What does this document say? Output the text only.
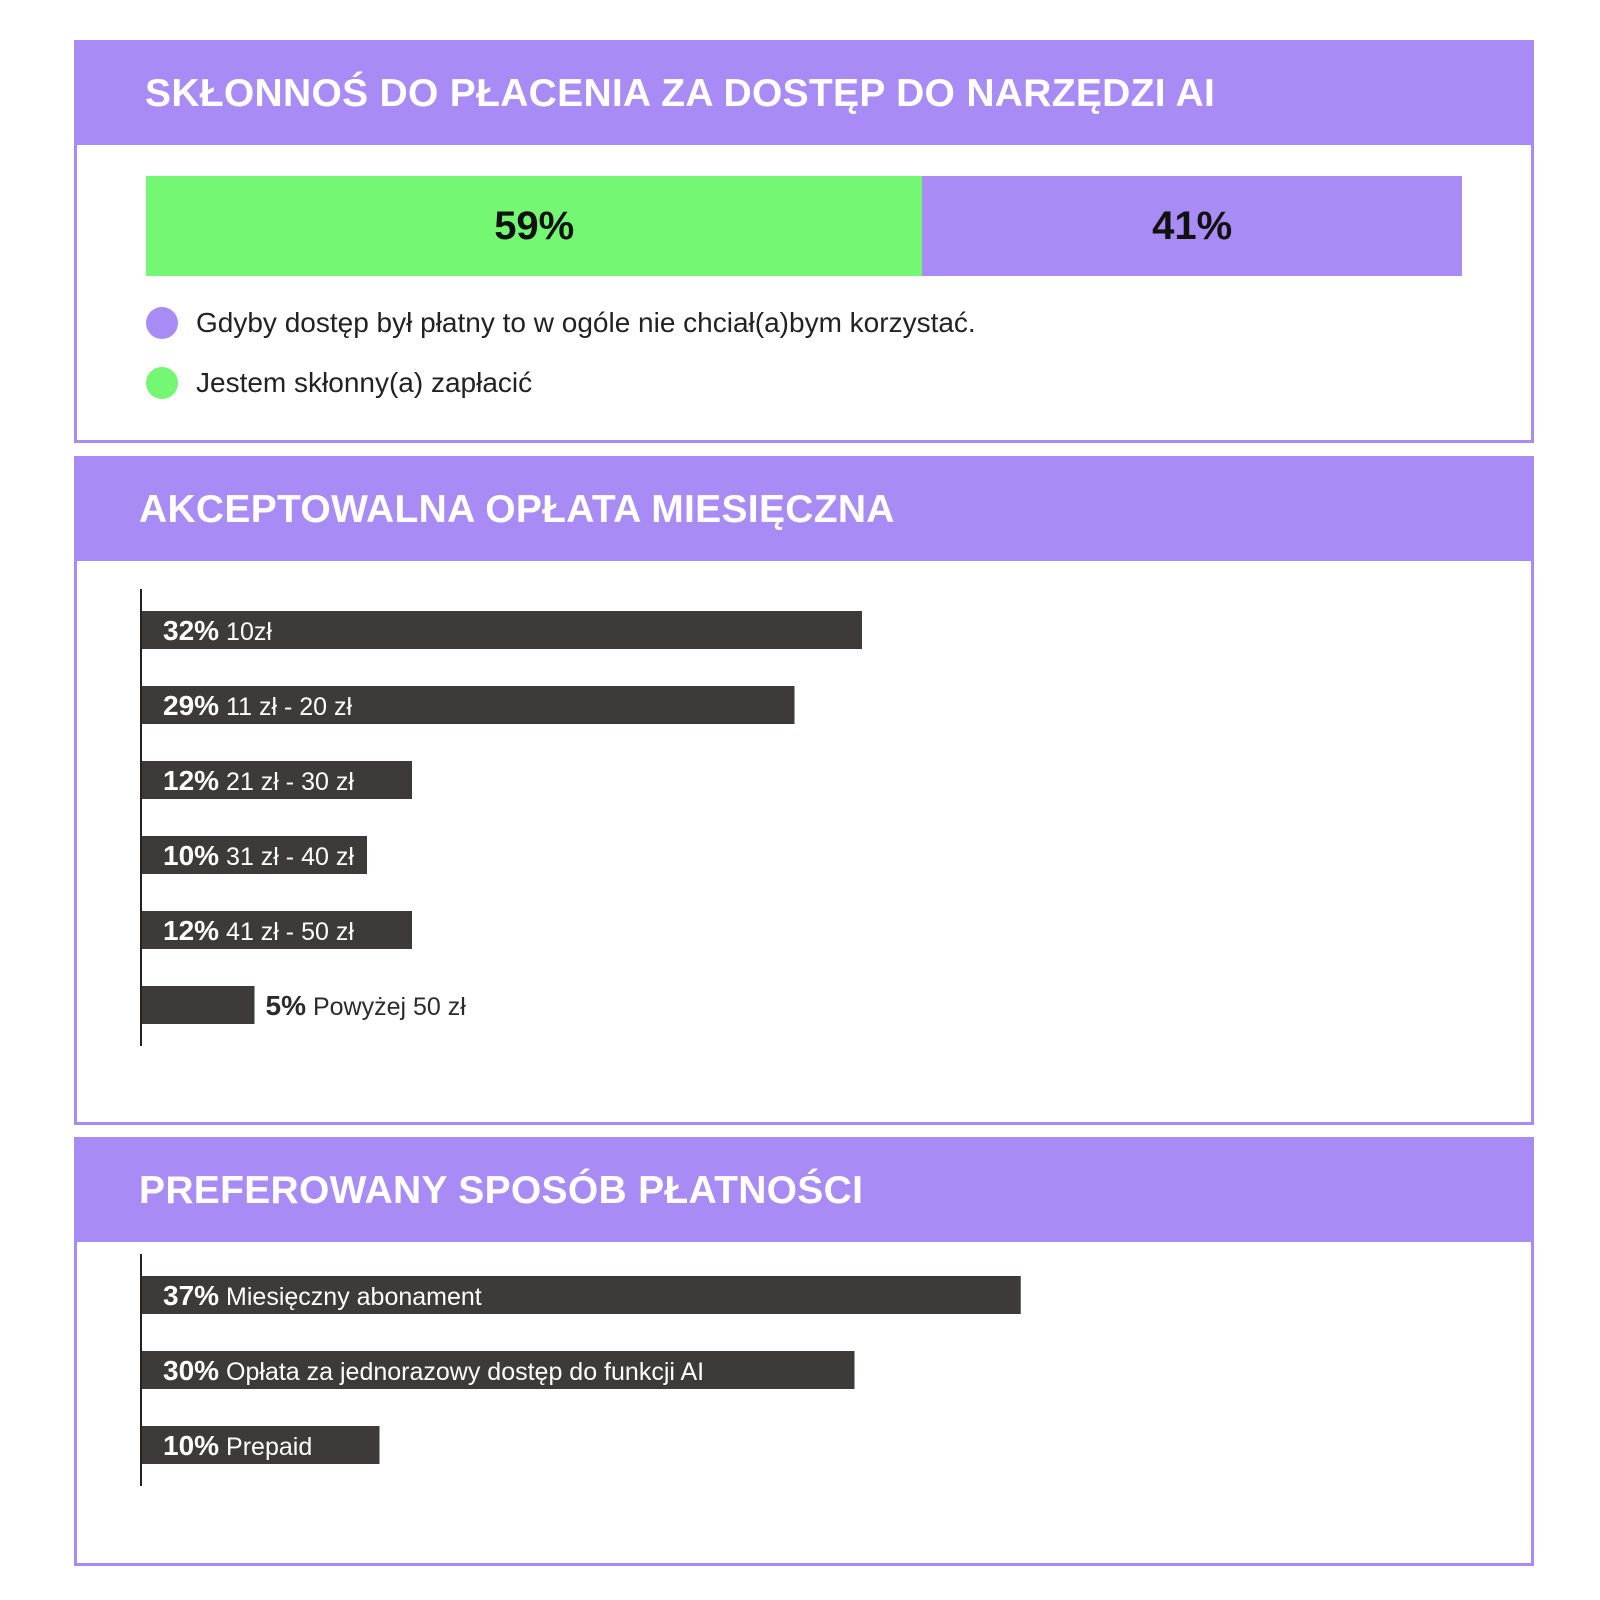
SKŁONNOŚ DO PŁACENIA ZA DOSTĘP DO NARZĘDZI AI
59%	41%
Gdyby dostęp był płatny to w ogóle nie chciał(a)bym korzystać.
Jestem skłonny(a) zapłacić
AKCEPTOWALNA OPŁATA MIESIĘCZNA
32% 10zł
29% 11 zł - 20 zł
12% 21 zł - 30 zł
10% 31 zł - 40 zł
12% 41 zł - 50 zł
5% Powyżej 50 zł
PREFEROWANY SPOSÓB PŁATNOŚCI
37% Miesięczny abonament
30% Opłata za jednorazowy dostęp do funkcji AI
10% Prepaid
